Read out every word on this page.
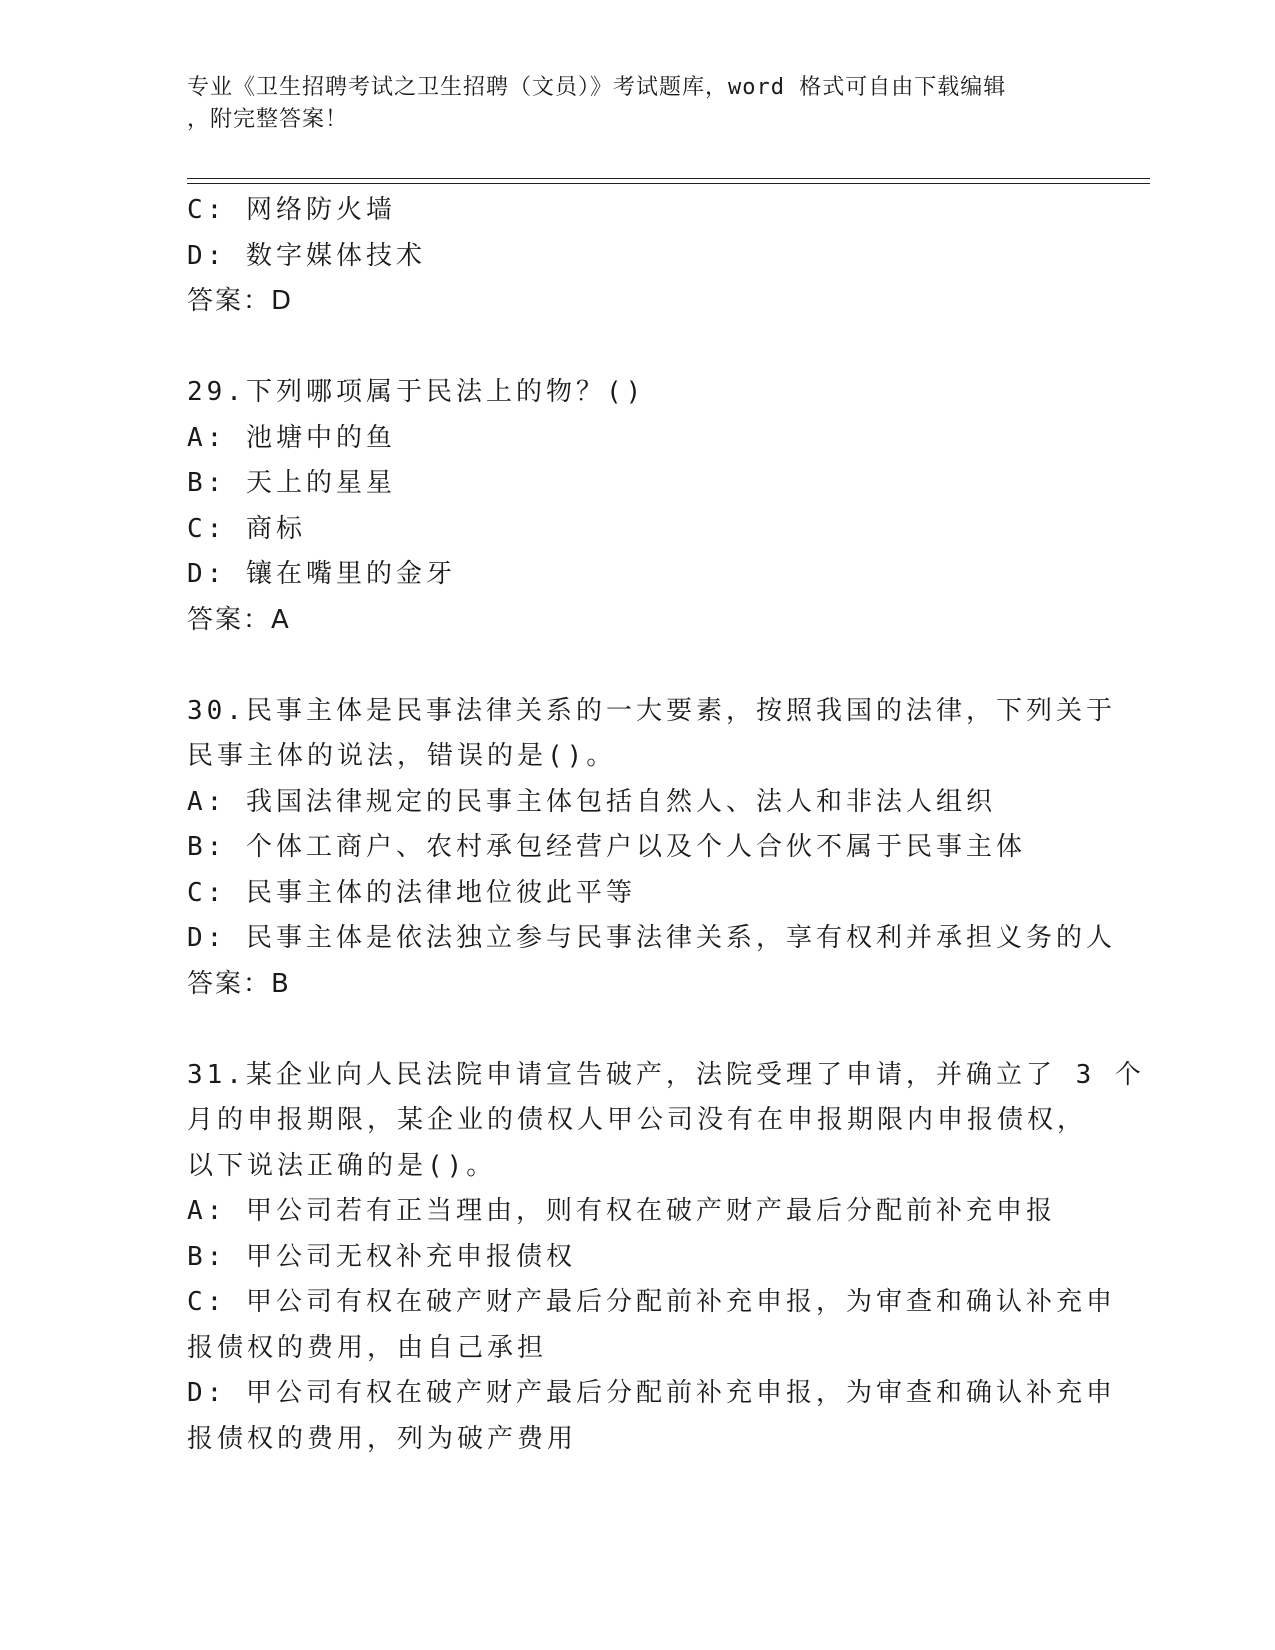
专业《卫生招聘考试之卫生招聘（文员）》考试题库，word 格式可自由下载编辑

，附完整答案！

C: 网络防火墙
D: 数字媒体技术
答案：D
29.下列哪项属于民法上的物？()
A: 池塘中的鱼
B: 天上的星星
C: 商标
D: 镶在嘴里的金牙
答案：A
30.民事主体是民事法律关系的一大要素，按照我国的法律，下列关于
民事主体的说法，错误的是()。
A: 我国法律规定的民事主体包括自然人、法人和非法人组织
B: 个体工商户、农村承包经营户以及个人合伙不属于民事主体
C: 民事主体的法律地位彼此平等
D: 民事主体是依法独立参与民事法律关系，享有权利并承担义务的人
答案：B
31.某企业向人民法院申请宣告破产，法院受理了申请，并确立了 3 个
月的申报期限，某企业的债权人甲公司没有在申报期限内申报债权，
以下说法正确的是()。
A: 甲公司若有正当理由，则有权在破产财产最后分配前补充申报
B: 甲公司无权补充申报债权
C: 甲公司有权在破产财产最后分配前补充申报，为审查和确认补充申
报债权的费用，由自己承担
D: 甲公司有权在破产财产最后分配前补充申报，为审查和确认补充申
报债权的费用，列为破产费用
